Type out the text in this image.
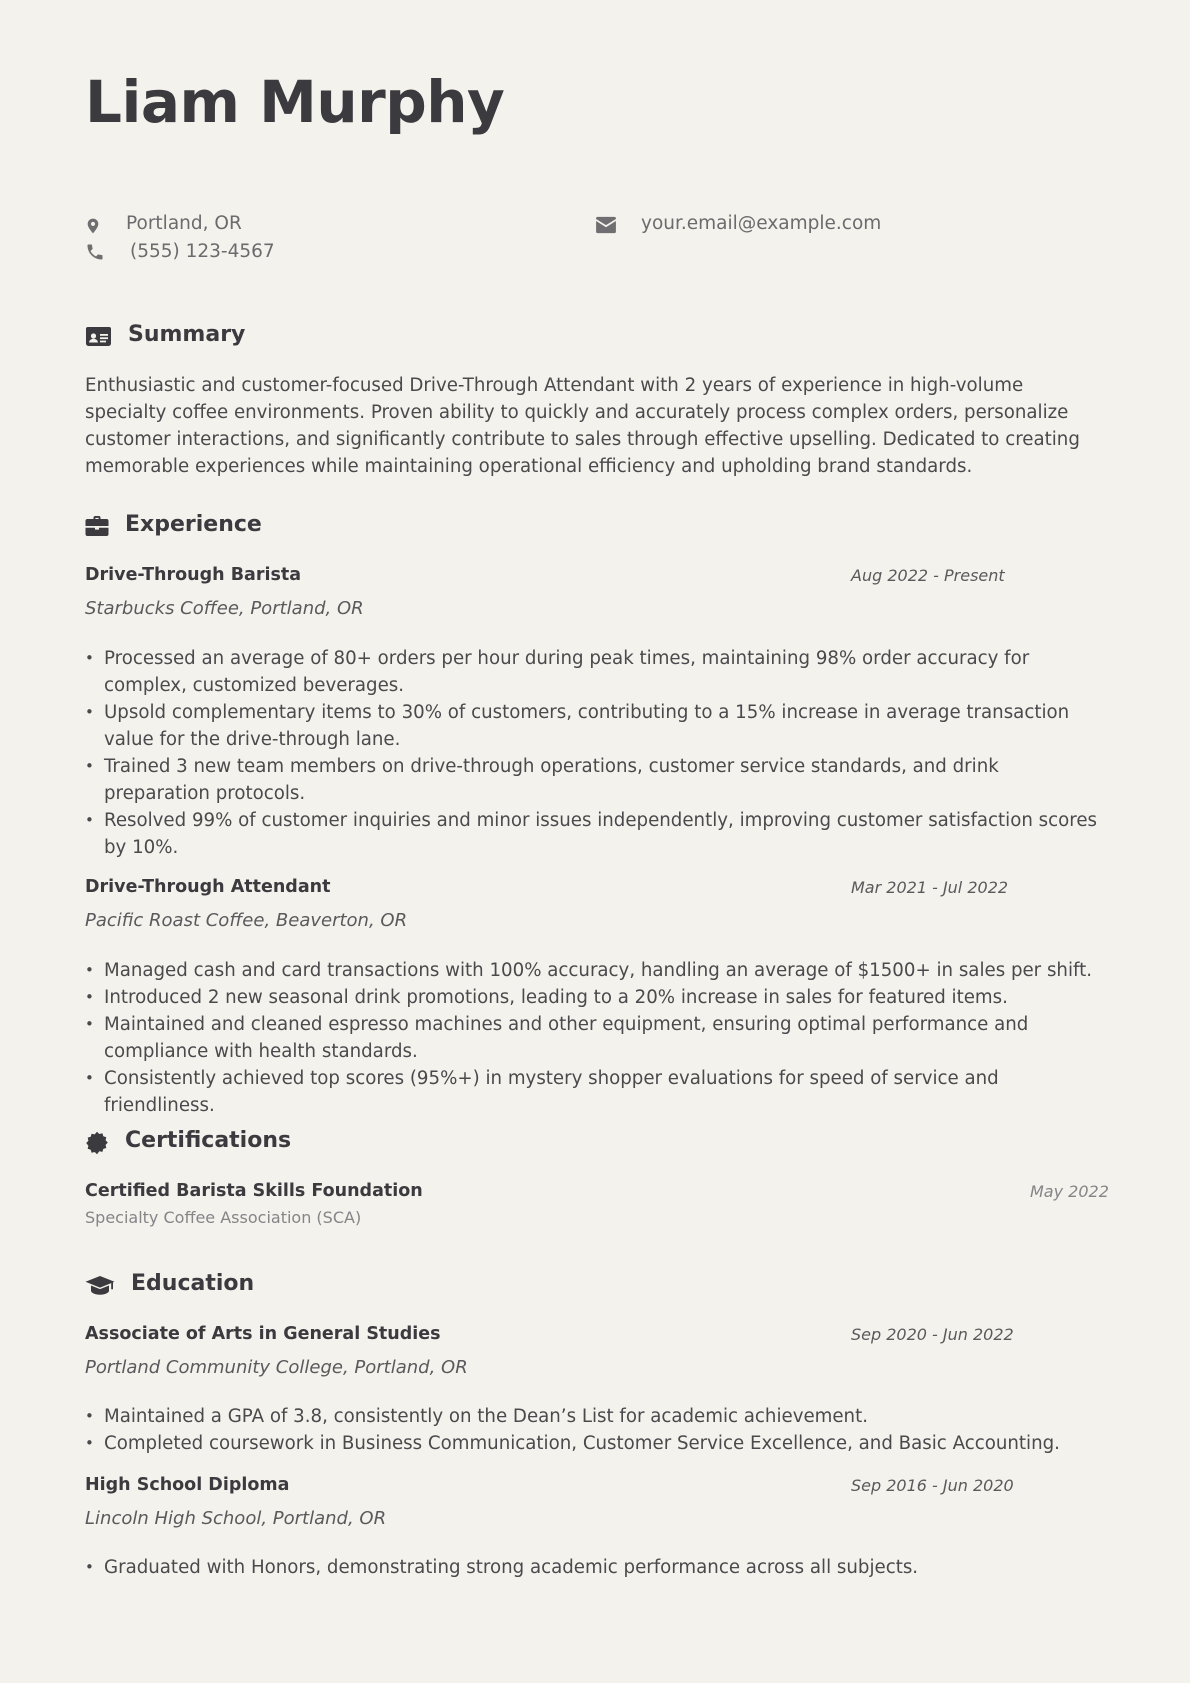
Liam Murphy
Portland, OR	your.email@example.com
(555) 123-4567
Summary

Enthusiastic and customer-focused Drive-Through Attendant with 2 years of experience in high-volume specialty coffee environments. Proven ability to quickly and accurately process complex orders, personalize customer interactions, and significantly contribute to sales through effective upselling. Dedicated to creating memorable experiences while maintaining operational efficiency and upholding brand standards.

Experience
Drive-Through Barista	Aug 2022 - Present
Starbucks Coffee, Portland, OR
• Processed an average of 80+ orders per hour during peak times, maintaining 98% order accuracy for complex, customized beverages.
• Upsold complementary items to 30% of customers, contributing to a 15% increase in average transaction value for the drive-through lane.
• Trained 3 new team members on drive-through operations, customer service standards, and drink preparation protocols.
• Resolved 99% of customer inquiries and minor issues independently, improving customer satisfaction scores by 10%.
Drive-Through Attendant	Mar 2021 - Jul 2022
Pacific Roast Coffee, Beaverton, OR
• Managed cash and card transactions with 100% accuracy, handling an average of $1500+ in sales per shift.
• Introduced 2 new seasonal drink promotions, leading to a 20% increase in sales for featured items.
• Maintained and cleaned espresso machines and other equipment, ensuring optimal performance and compliance with health standards.
• Consistently achieved top scores (95%+) in mystery shopper evaluations for speed of service and friendliness.
Certifications
Certified Barista Skills Foundation	May 2022
Specialty Coffee Association (SCA)
Education
Associate of Arts in General Studies	Sep 2020 - Jun 2022
Portland Community College, Portland, OR
• Maintained a GPA of 3.8, consistently on the Dean’s List for academic achievement.
• Completed coursework in Business Communication, Customer Service Excellence, and Basic Accounting.
High School Diploma	Sep 2016 - Jun 2020
Lincoln High School, Portland, OR
• Graduated with Honors, demonstrating strong academic performance across all subjects.
